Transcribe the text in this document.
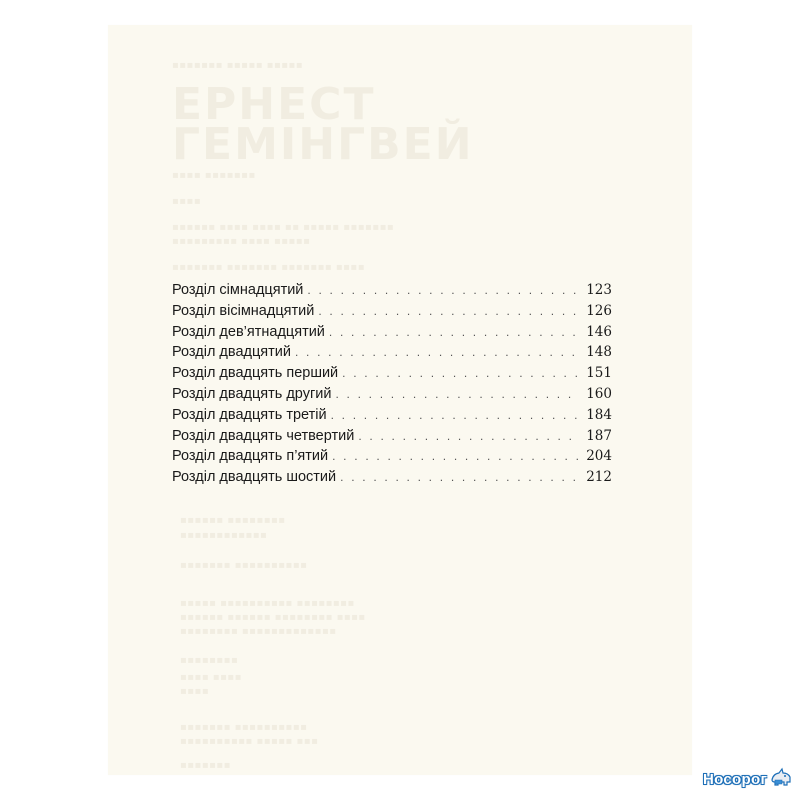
▪▪▪▪▪▪▪ ▪▪▪▪▪ ▪▪▪▪▪
ЕРНЕСТ
ГЕМІНГВЕЙ
▪▪▪▪ ▪▪▪▪▪▪▪
▪▪▪▪
▪▪▪▪▪▪ ▪▪▪▪ ▪▪▪▪ ▪▪ ▪▪▪▪▪ ▪▪▪▪▪▪▪
▪▪▪▪▪▪▪▪▪ ▪▪▪▪ ▪▪▪▪▪
▪▪▪▪▪▪▪ ▪▪▪▪▪▪▪ ▪▪▪▪▪▪▪ ▪▪▪▪
▪▪▪▪▪▪ ▪▪▪▪▪▪▪▪
▪▪▪▪▪▪▪▪▪▪▪▪
▪▪▪▪▪▪▪ ▪▪▪▪▪▪▪▪▪▪
▪▪▪▪▪ ▪▪▪▪▪▪▪▪▪▪ ▪▪▪▪▪▪▪▪
▪▪▪▪▪▪ ▪▪▪▪▪▪ ▪▪▪▪▪▪▪▪ ▪▪▪▪
▪▪▪▪▪▪▪▪ ▪▪▪▪▪▪▪▪▪▪▪▪▪
▪▪▪▪▪▪▪▪
▪▪▪▪ ▪▪▪▪
▪▪▪▪
▪▪▪▪▪▪▪ ▪▪▪▪▪▪▪▪▪▪
▪▪▪▪▪▪▪▪▪▪ ▪▪▪▪▪ ▪▪▪
▪▪▪▪▪▪▪
Розділ сімнадцятий . . .	123
Розділ вісімнадцятий . . .	126
Розділ дев’ятнадцятий . . .	146
Розділ двадцятий . . .	148
Розділ двадцять перший . . .	151
Розділ двадцять другий . . .	160
Розділ двадцять третій . . .	184
Розділ двадцять четвертий . . .	187
Розділ двадцять п’ятий . . .	204
Розділ двадцять шостий . . .	212
Носорог
